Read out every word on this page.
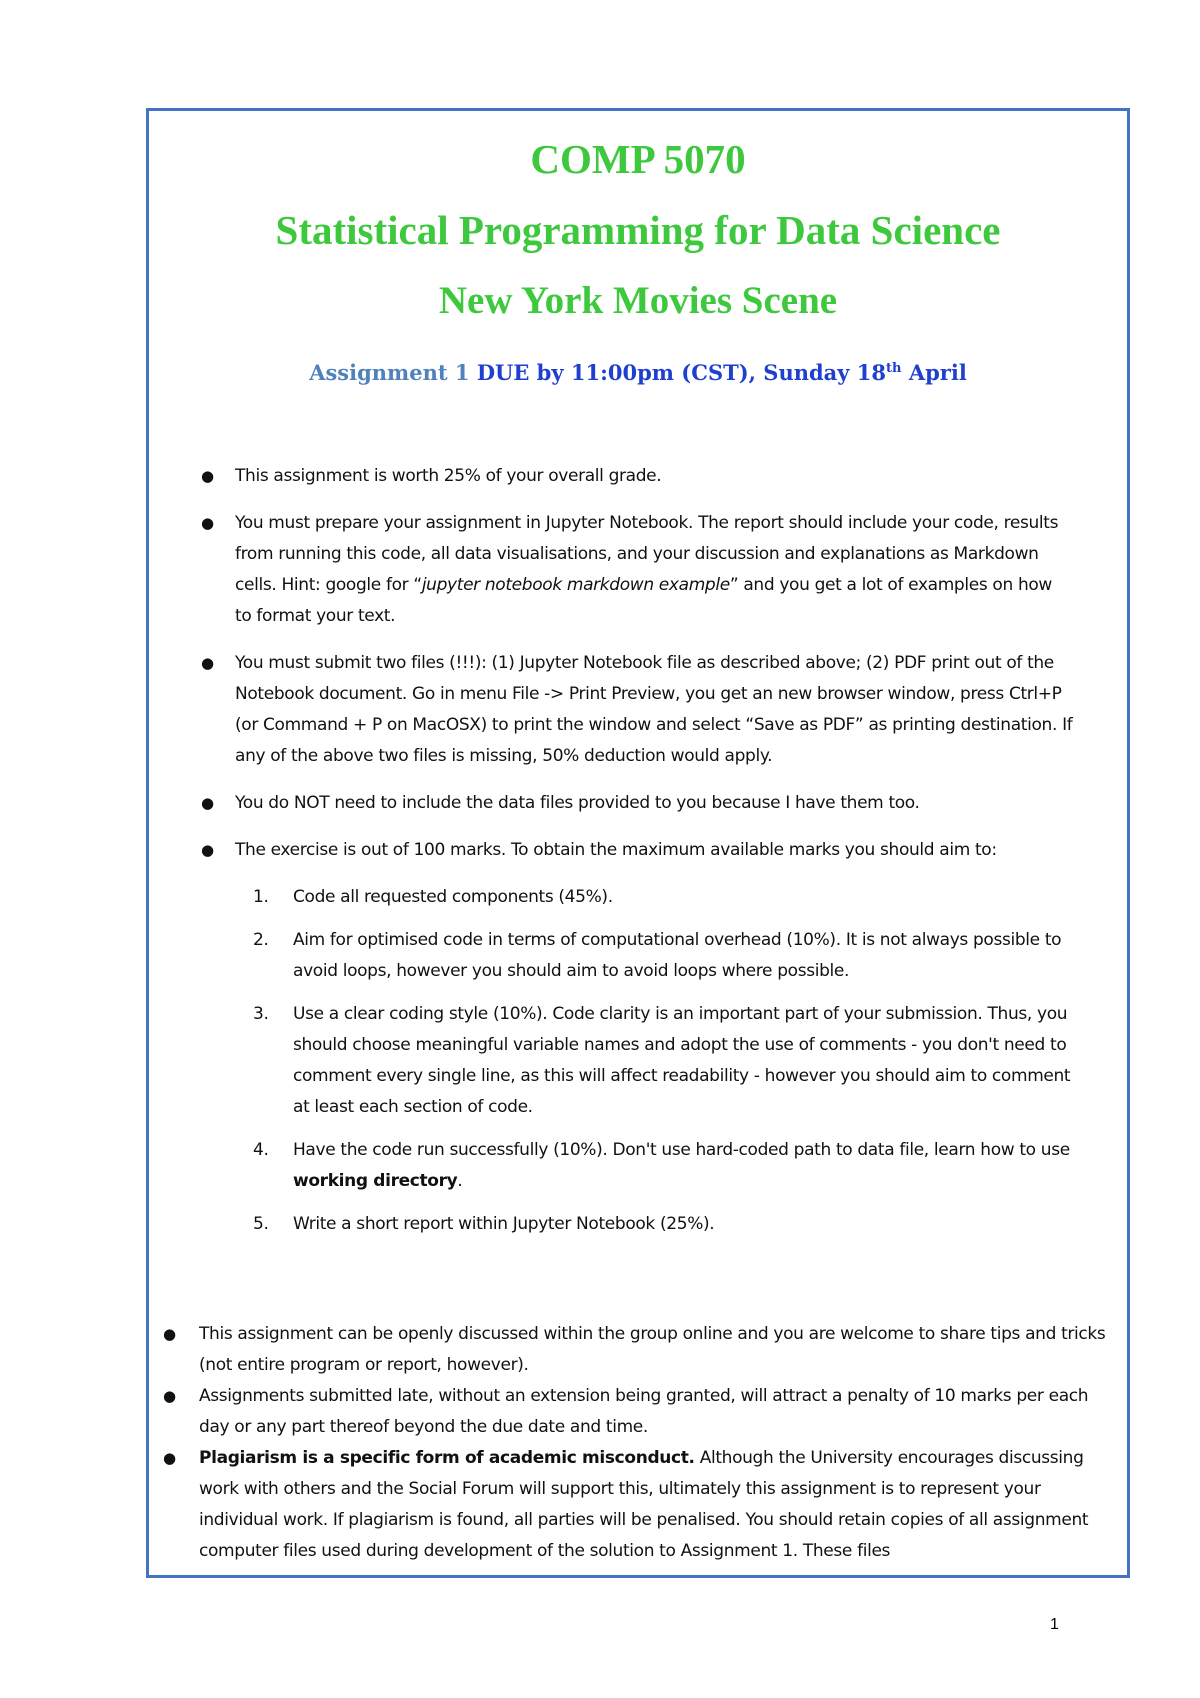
COMP 5070
Statistical Programming for Data Science
New York Movies Scene
Assignment 1 DUE by 11:00pm (CST), Sunday 18th April
● This assignment is worth 25% of your overall grade.
● You must prepare your assignment in Jupyter Notebook. The report should include your code, results from running this code, all data visualisations, and your discussion and explanations as Markdown cells. Hint: google for “jupyter notebook markdown example” and you get a lot of examples on how to format your text.
● You must submit two files (!!!): (1) Jupyter Notebook file as described above; (2) PDF print out of the Notebook document. Go in menu File -> Print Preview, you get an new browser window, press Ctrl+P (or Command + P on MacOSX) to print the window and select “Save as PDF” as printing destination. If any of the above two files is missing, 50% deduction would apply.
● You do NOT need to include the data files provided to you because I have them too.
● The exercise is out of 100 marks. To obtain the maximum available marks you should aim to:
1. Code all requested components (45%).
2. Aim for optimised code in terms of computational overhead (10%). It is not always possible to avoid loops, however you should aim to avoid loops where possible.
3. Use a clear coding style (10%). Code clarity is an important part of your submission. Thus, you should choose meaningful variable names and adopt the use of comments - you don't need to comment every single line, as this will affect readability - however you should aim to comment at least each section of code.
4. Have the code run successfully (10%). Don't use hard-coded path to data file, learn how to use working directory.
5. Write a short report within Jupyter Notebook (25%).
● This assignment can be openly discussed within the group online and you are welcome to share tips and tricks (not entire program or report, however).
● Assignments submitted late, without an extension being granted, will attract a penalty of 10 marks per each day or any part thereof beyond the due date and time.
● Plagiarism is a specific form of academic misconduct. Although the University encourages discussing work with others and the Social Forum will support this, ultimately this assignment is to represent your individual work. If plagiarism is found, all parties will be penalised. You should retain copies of all assignment computer files used during development of the solution to Assignment 1. These files
1
